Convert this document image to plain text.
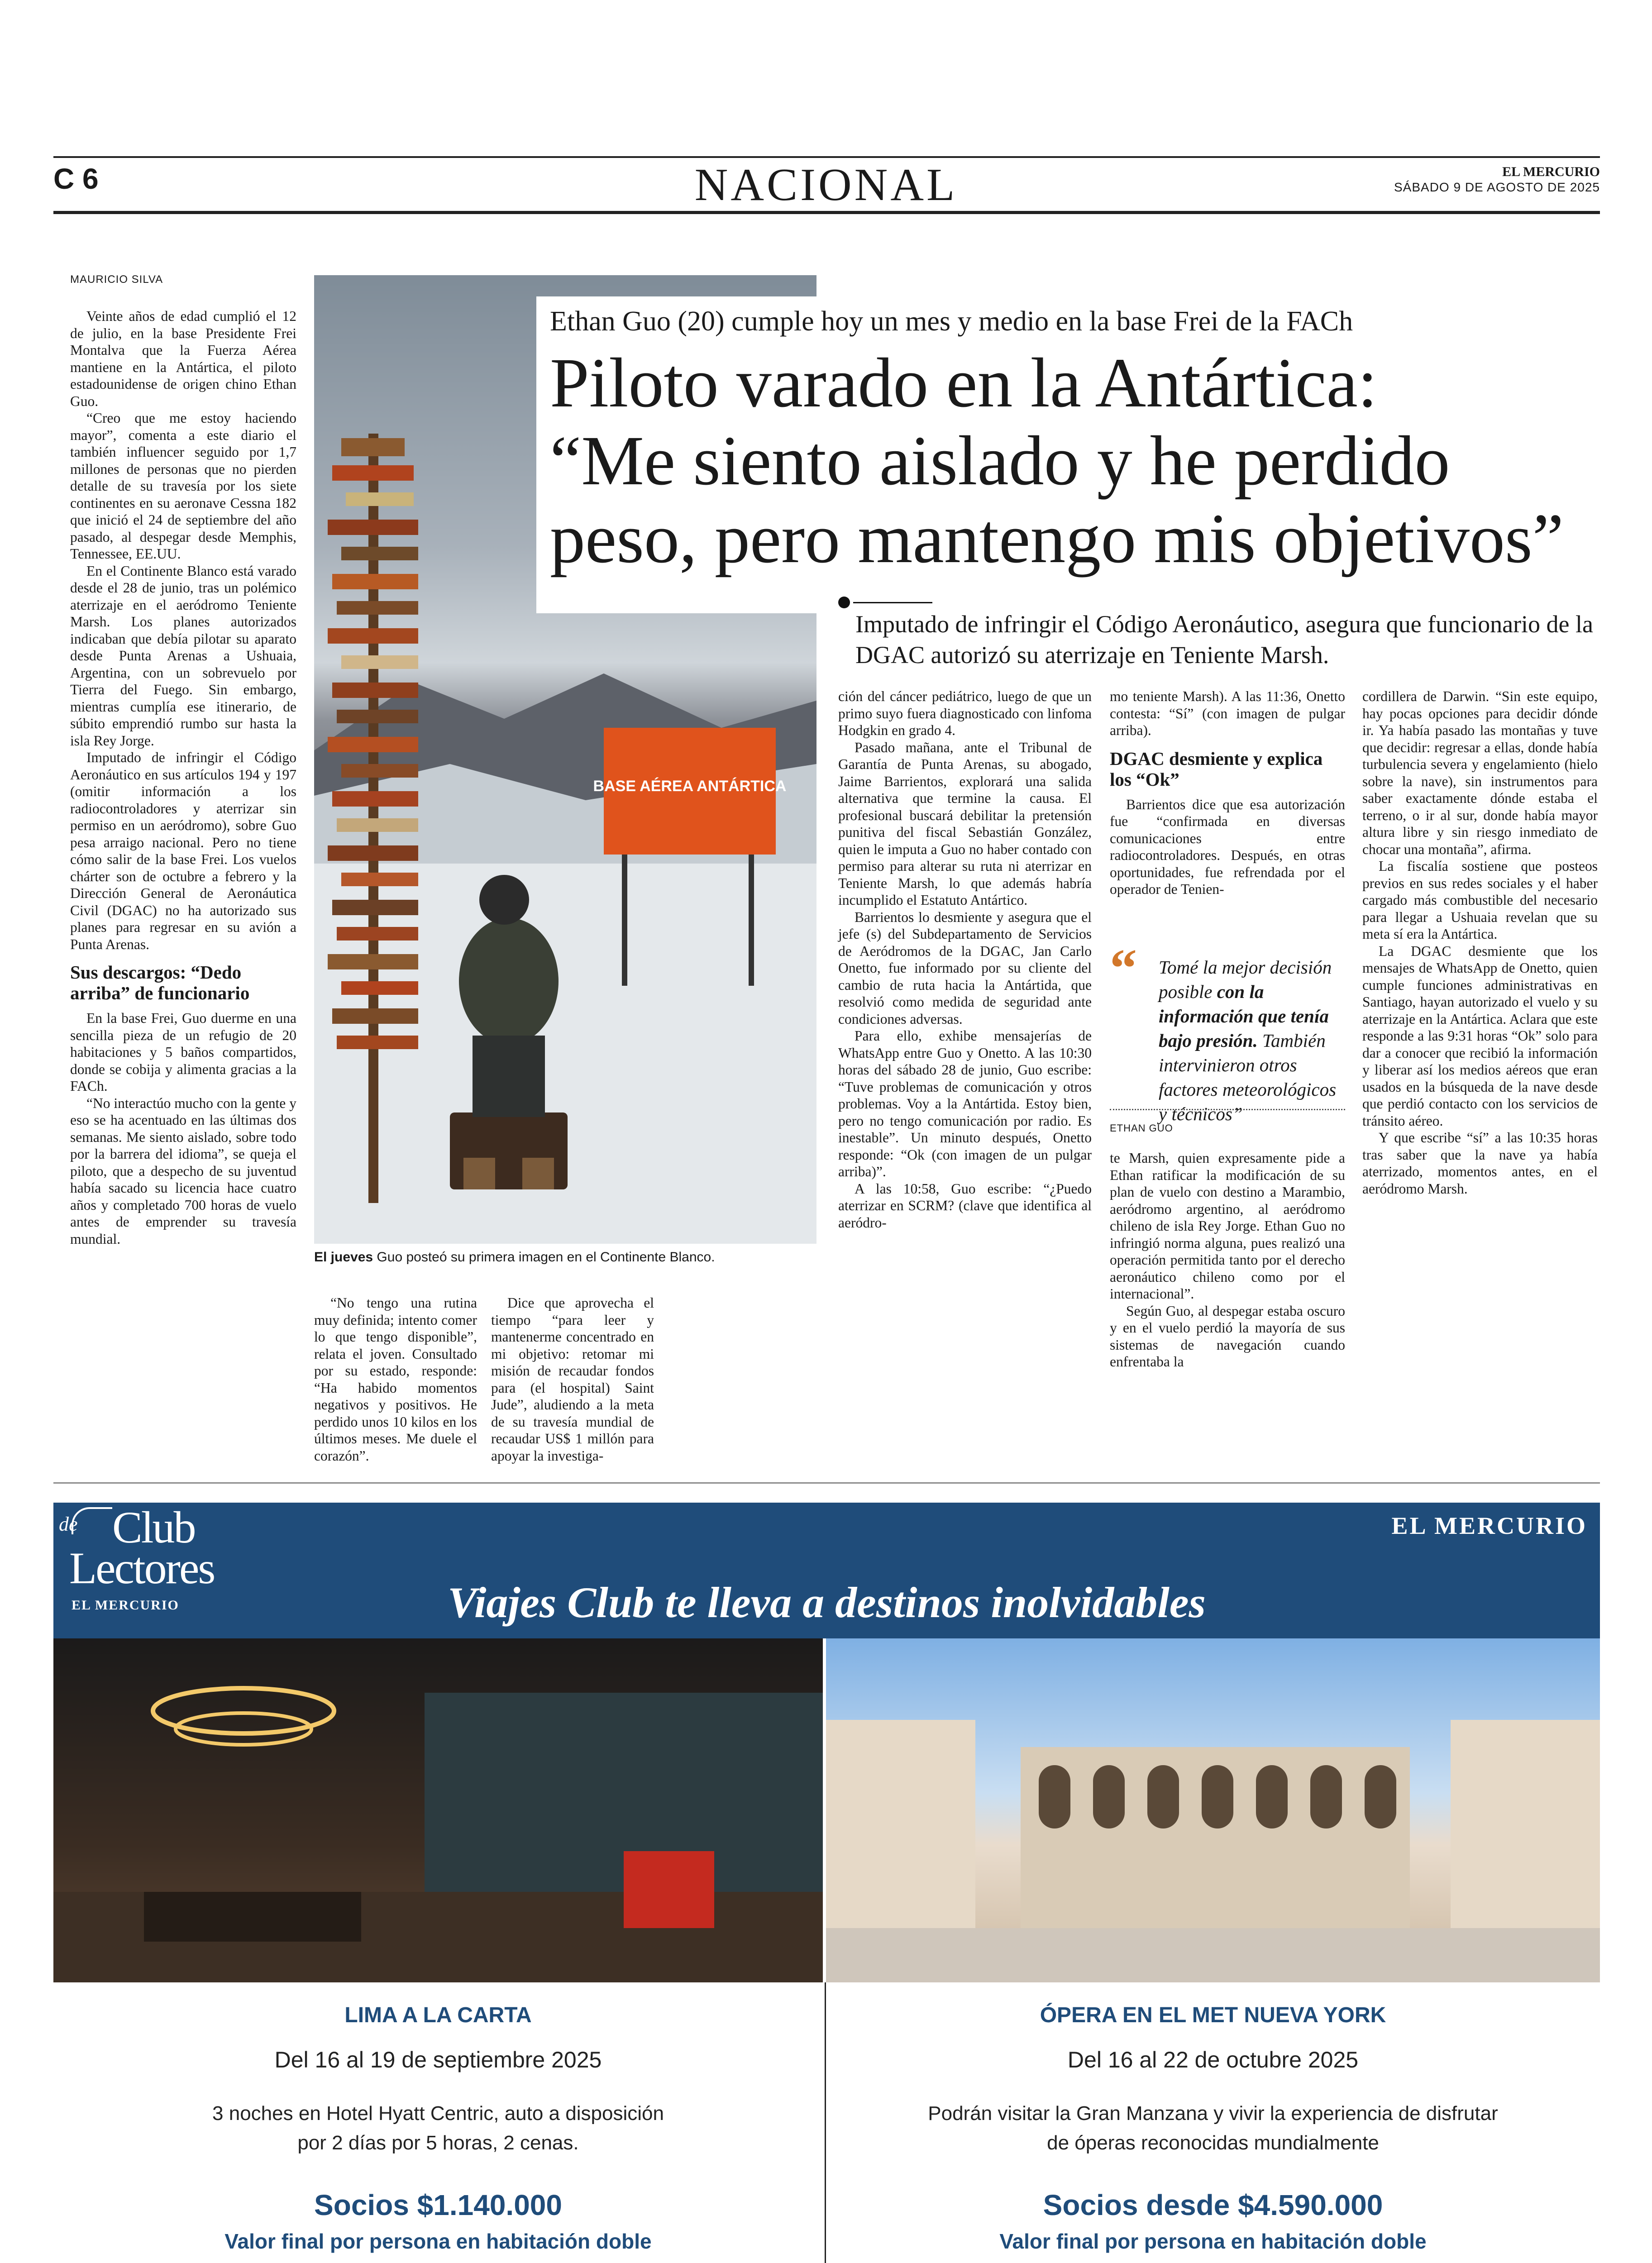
C 6	NACIONAL	EL MERCURIO
SÁBADO 9 DE AGOSTO DE 2025
MAURICIO SILVA

Veinte años de edad cumplió el 12 de julio, en la base Presidente Frei Montalva que la Fuerza Aérea mantiene en la Antártica, el piloto estadounidense de origen chino Ethan Guo.

“Creo que me estoy haciendo mayor”, comenta a este diario el también influencer seguido por 1,7 millones de personas que no pierden detalle de su travesía por los siete continentes en su aeronave Cessna 182 que inició el 24 de septiembre del año pasado, al despegar desde Memphis, Tennessee, EE.UU.

En el Continente Blanco está varado desde el 28 de junio, tras un polémico aterrizaje en el aeródromo Teniente Marsh. Los planes autorizados indicaban que debía pilotar su aparato desde Punta Arenas a Ushuaia, Argentina, con un sobrevuelo por Tierra del Fuego. Sin embargo, mientras cumplía ese itinerario, de súbito emprendió rumbo sur hasta la isla Rey Jorge.

Imputado de infringir el Código Aeronáutico en sus artículos 194 y 197 (omitir información a los radiocontroladores y aterrizar sin permiso en un aeródromo), sobre Guo pesa arraigo nacional. Pero no tiene cómo salir de la base Frei. Los vuelos chárter son de octubre a febrero y la Dirección General de Aeronáutica Civil (DGAC) no ha autorizado sus planes para regresar en su avión a Punta Arenas.

Sus descargos: “Dedo arriba” de funcionario

En la base Frei, Guo duerme en una sencilla pieza de un refugio de 20 habitaciones y 5 baños compartidos, donde se cobija y alimenta gracias a la FACh.

“No interactúo mucho con la gente y eso se ha acentuado en las últimas dos semanas. Me siento aislado, sobre todo por la barrera del idioma”, se queja el piloto, que a despecho de su juventud había sacado su licencia hace cuatro años y completado 700 horas de vuelo antes de emprender su travesía mundial.

BASE AÉREA ANTÁRTICA
El jueves Guo posteó su primera imagen en el Continente Blanco.
Ethan Guo (20) cumple hoy un mes y medio en la base Frei de la FACh
Piloto varado en la Antártica:
“Me siento aislado y he perdido
peso, pero mantengo mis objetivos”
Imputado de infringir el Código Aeronáutico, asegura que funcionario de la DGAC autorizó su aterrizaje en Teniente Marsh.

“No tengo una rutina muy definida; intento comer lo que tengo disponible”, relata el joven. Consultado por su estado, responde: “Ha habido momentos negativos y positivos. He perdido unos 10 kilos en los últimos meses. Me duele el corazón”.

Dice que aprovecha el tiempo “para leer y mantenerme concentrado en mi objetivo: retomar mi misión de recaudar fondos para (el hospital) Saint Jude”, aludiendo a la meta de su travesía mundial de recaudar US$ 1 millón para apoyar la investiga-

ción del cáncer pediátrico, luego de que un primo suyo fuera diagnosticado con linfoma Hodgkin en grado 4.

Pasado mañana, ante el Tribunal de Garantía de Punta Arenas, su abogado, Jaime Barrientos, explorará una salida alternativa que termine la causa. El profesional buscará debilitar la pretensión punitiva del fiscal Sebastián González, quien le imputa a Guo no haber contado con permiso para alterar su ruta ni aterrizar en Teniente Marsh, lo que además habría incumplido el Estatuto Antártico.

Barrientos lo desmiente y asegura que el jefe (s) del Subdepartamento de Servicios de Aeródromos de la DGAC, Jan Carlo Onetto, fue informado por su cliente del cambio de ruta hacia la Antártida, que resolvió como medida de seguridad ante condiciones adversas.

Para ello, exhibe mensajerías de WhatsApp entre Guo y Onetto. A las 10:30 horas del sábado 28 de junio, Guo escribe: “Tuve problemas de comunicación y otros problemas. Voy a la Antártida. Estoy bien, pero no tengo comunicación por radio. Es inestable”. Un minuto después, Onetto responde: “Ok (con imagen de un pulgar arriba)”.

A las 10:58, Guo escribe: “¿Puedo aterrizar en SCRM? (clave que identifica al aeródro-

mo teniente Marsh). A las 11:36, Onetto contesta: “Sí” (con imagen de pulgar arriba).

DGAC desmiente y explica los “Ok”

Barrientos dice que esa autorización fue “confirmada en diversas comunicaciones entre radiocontroladores. Después, en otras oportunidades, fue refrendada por el operador de Tenien-

“ Tomé la mejor decisión posible con la información que tenía bajo presión. También intervinieron otros factores meteorológicos y técnicos”
ETHAN GUO

te Marsh, quien expresamente pide a Ethan ratificar la modificación de su plan de vuelo con destino a Marambio, aeródromo argentino, al aeródromo chileno de isla Rey Jorge. Ethan Guo no infringió norma alguna, pues realizó una operación permitida tanto por el derecho aeronáutico chileno como por el internacional”.

Según Guo, al despegar estaba oscuro y en el vuelo perdió la mayoría de sus sistemas de navegación cuando enfrentaba la

cordillera de Darwin. “Sin este equipo, hay pocas opciones para decidir dónde ir. Ya había pasado las montañas y tuve que decidir: regresar a ellas, donde había turbulencia severa y engelamiento (hielo sobre la nave), sin instrumentos para saber exactamente dónde estaba el terreno, o ir al sur, donde había mayor altura libre y sin riesgo inmediato de chocar una montaña”, afirma.

La fiscalía sostiene que posteos previos en sus redes sociales y el haber cargado más combustible del necesario para llegar a Ushuaia revelan que su meta sí era la Antártica.

La DGAC desmiente que los mensajes de WhatsApp de Onetto, quien cumple funciones administrativas en Santiago, hayan autorizado el vuelo y su aterrizaje en la Antártica. Aclara que este responde a las 9:31 horas “Ok” solo para dar a conocer que recibió la información y liberar así los medios aéreos que eran usados en la búsqueda de la nave desde que perdió contacto con los servicios de tránsito aéreo.

Y que escribe “sí” a las 10:35 horas tras saber que la nave ya había aterrizado, momentos antes, en el aeródromo Marsh.

de Club
Lectores
EL MERCURIO
EL MERCURIO
Viajes Club te lleva a destinos inolvidables
LIMA A LA CARTA
Del 16 al 19 de septiembre 2025
3 noches en Hotel Hyatt Centric, auto a disposición
por 2 días por 5 horas, 2 cenas.
Socios $1.140.000
Valor final por persona en habitación doble
ÓPERA EN EL MET NUEVA YORK
Del 16 al 22 de octubre 2025
Podrán visitar la Gran Manzana y vivir la experiencia de disfrutar
de óperas reconocidas mundialmente
Socios desde $4.590.000
Valor final por persona en habitación doble
